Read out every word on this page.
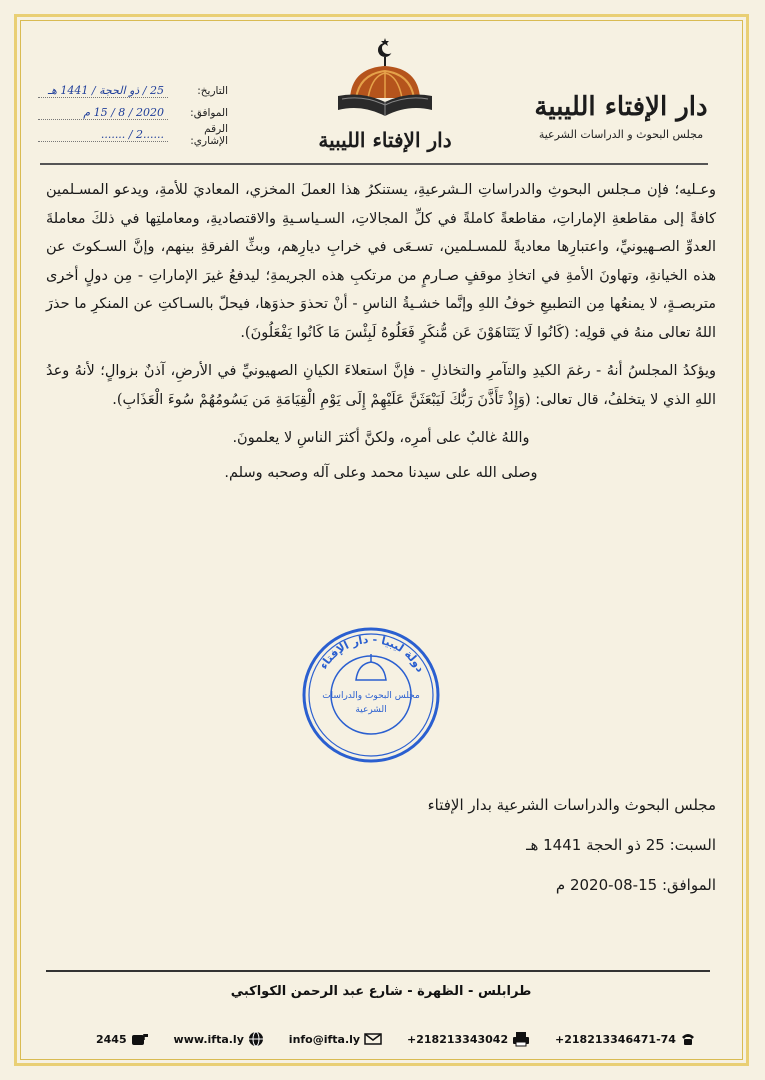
دار الإفتاء الليبية
مجلس البحوث و الدراسات الشرعية
دار الإفتاء الليبية
التاريخ:
25 / ذو الحجة / 1441 هـ
الموافق:
2020 / 8 / 15 م
الرقم الإشاري:
......2 / .......

وعـليه؛ فإن مـجلس البحوثِ والدراساتِ الـشرعيةِ، يستنكرُ هذا العملَ المخزي، المعاديَ للأمةِ، ويدعو المسـلمين كافةً إلى مقاطعةِ الإماراتِ، مقاطعةً كاملةً في كلِّ المجالاتِ، السـياسـيةِ والاقتصاديةِ، ومعاملتِها في ذلكَ معاملةَ العدوِّ الصـهيونيِّ، واعتبارِها معاديةً للمسـلمين، تسـعَى في خرابِ ديارِهم، وبثِّ الفرقةِ بينهم، وإنَّ السـكوتَ عن هذه الخيانةِ، وتهاونَ الأمةِ في اتخاذِ موقفٍ صـارمٍ من مرتكبِ هذه الجريمةِ؛ ليدفعُ غيرَ الإماراتِ - مِن دولٍ أخرى متربصـةٍ، لا يمنعُها مِن التطبيعِ خوفُ اللهِ وإنَّما خشـيةُ الناسِ - أنْ تحذوَ حذوَها، فيحلّ بالسـاكتِ عن المنكرِ ما حذرَ اللهُ تعالى منهُ في قولِه: (كَانُوا لَا يَتَنَاهَوْنَ عَن مُّنكَرٍ فَعَلُوهُ لَبِئْسَ مَا كَانُوا يَفْعَلُونَ).

ويؤكدُ المجلسُ أنهُ - رغمَ الكيدِ والتآمرِ والتخاذلِ - فإنَّ استعلاءَ الكيانِ الصهيونيِّ في الأرضِ، آذنٌ بزوالٍ؛ لأنهُ وعدُ اللهِ الذي لا يتخلفُ، قال تعالى: (وَإِذْ تَأَذَّنَ رَبُّكَ لَيَبْعَثَنَّ عَلَيْهِمْ إِلَى يَوْمِ الْقِيَامَةِ مَن يَسُومُهُمْ سُوءَ الْعَذَابِ).

واللهُ غالبٌ على أمرِه، ولكنَّ أكثرَ الناسِ لا يعلمونَ.

وصلى الله على سيدنا محمد وعلى آله وصحبه وسلم.

دولة ليبيا - دار الإفتاء
مجلس البحوث والدراسات
الشرعية
مجلس البحوث والدراسات الشرعية بدار الإفتاء
السبت: 25 ذو الحجة 1441 هـ
الموافق: 15-08-2020 م
طرابلس - الظهرة - شارع عبد الرحمن الكواكبي
+218213346471-74
+218213343042
info@ifta.ly
www.ifta.ly
2445
